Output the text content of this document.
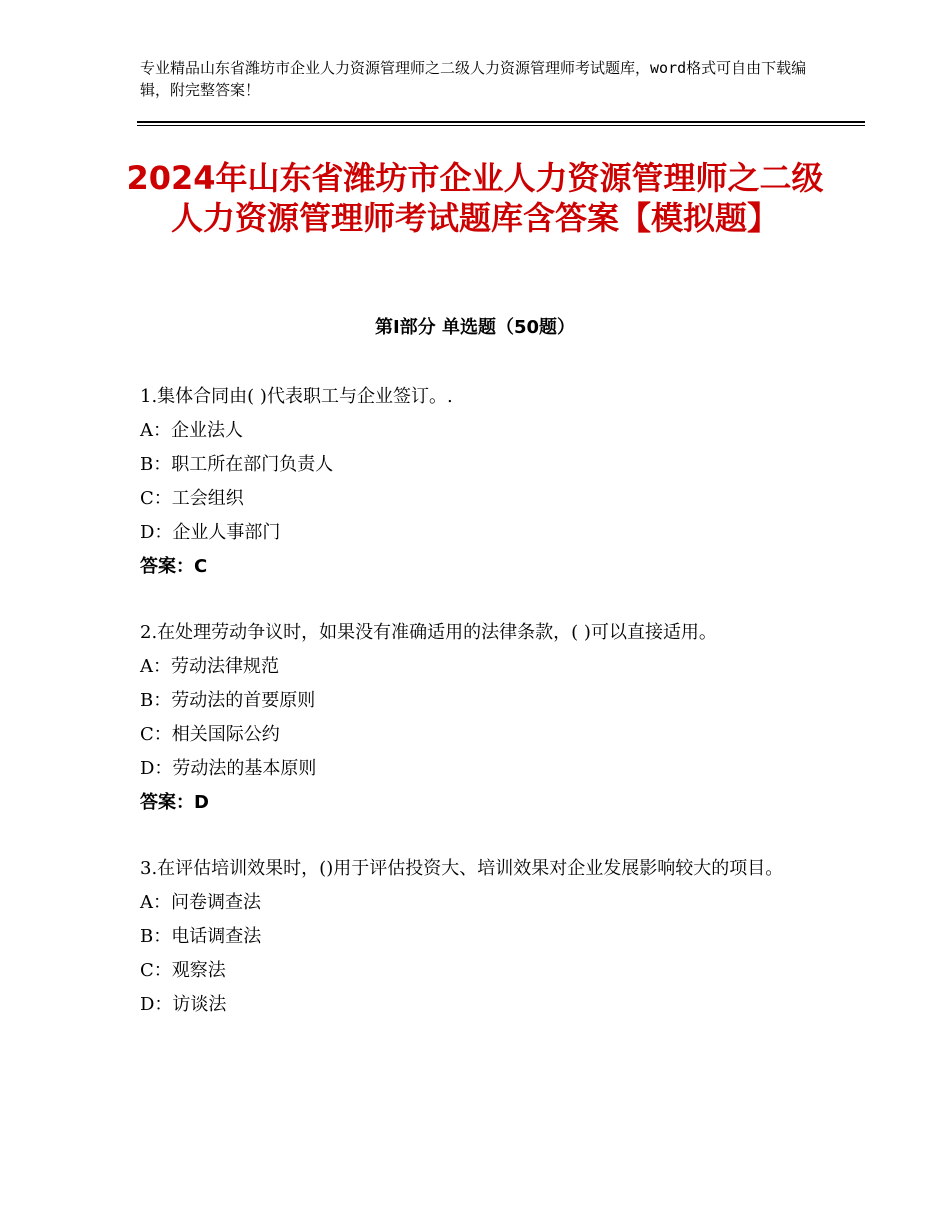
专业精品山东省潍坊市企业人力资源管理师之二级人力资源管理师考试题库，word格式可自由下载编辑，附完整答案！
2024年山东省潍坊市企业人力资源管理师之二级人力资源管理师考试题库含答案【模拟题】
第Ⅰ部分 单选题（50题）

1.集体合同由( )代表职工与企业签订。.

A：企业法人

B：职工所在部门负责人

C：工会组织

D：企业人事部门

答案：C

2.在处理劳动争议时，如果没有准确适用的法律条款，( )可以直接适用。

A：劳动法律规范

B：劳动法的首要原则

C：相关国际公约

D：劳动法的基本原则

答案：D

3.在评估培训效果时，()用于评估投资大、培训效果对企业发展影响较大的项目。

A：问卷调查法

B：电话调查法

C：观察法

D：访谈法
